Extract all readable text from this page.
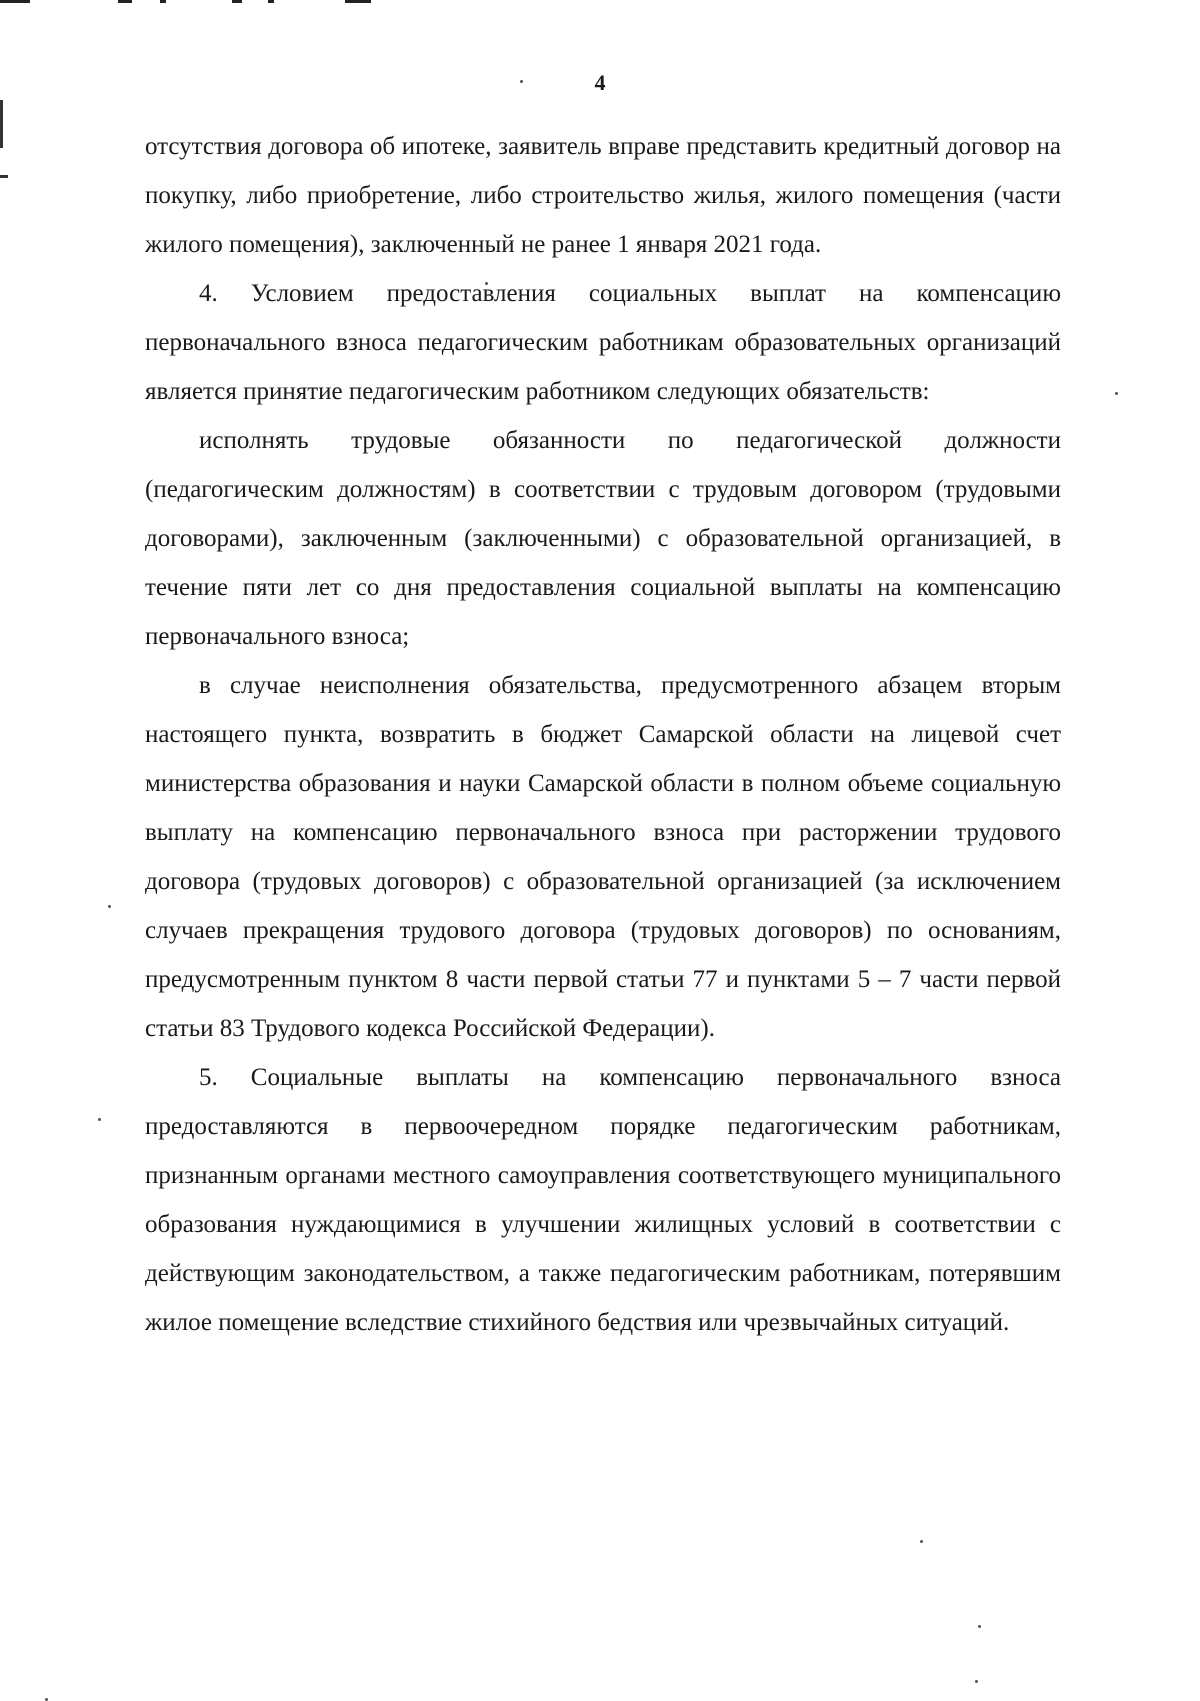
4

отсутствия договора об ипотеке, заявитель вправе представить кредитный договор на покупку, либо приобретение, либо строительство жилья, жилого помещения (части жилого помещения), заключенный не ранее 1 января 2021 года.

4. Условием предоставления социальных выплат на компенсацию первоначального взноса педагогическим работникам образовательных организаций является принятие педагогическим работником следующих обязательств:

исполнять трудовые обязанности по педагогической должности (педагогическим должностям) в соответствии с трудовым договором (трудовыми договорами), заключенным (заключенными) с образовательной организацией, в течение пяти лет со дня предоставления социальной выплаты на компенсацию первоначального взноса;

в случае неисполнения обязательства, предусмотренного абзацем вторым настоящего пункта, возвратить в бюджет Самарской области на лицевой счет министерства образования и науки Самарской области в полном объеме социальную выплату на компенсацию первоначального взноса при расторжении трудового договора (трудовых договоров) с образовательной организацией (за исключением случаев прекращения трудового договора (трудовых договоров) по основаниям, предусмотренным пунктом 8 части первой статьи 77 и пунктами 5 – 7 части первой статьи 83 Трудового кодекса Российской Федерации).

5. Социальные выплаты на компенсацию первоначального взноса предоставляются в первоочередном порядке педагогическим работникам, признанным органами местного самоуправления соответствующего муниципального образования нуждающимися в улучшении жилищных условий в соответствии с действующим законодательством, а также педагогическим работникам, потерявшим жилое помещение вследствие стихийного бедствия или чрезвычайных ситуаций.
